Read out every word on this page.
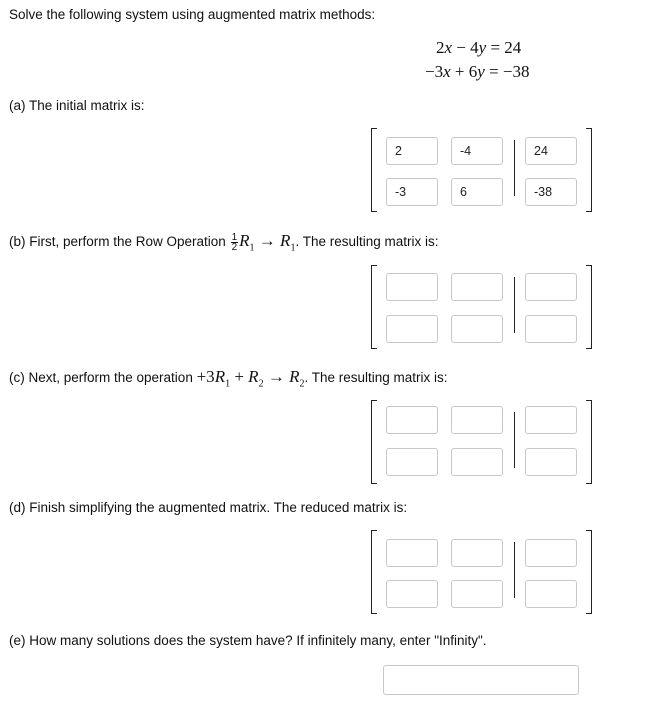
Solve the following system using augmented matrix methods:
2x − 4y = 24
−3x + 6y = −38
(a) The initial matrix is:
2
-4
24
-3
6
-38
(b) First, perform the Row Operation $\frac{1}{2} R_1 \to R_1$. The resulting matrix is:
(c) Next, perform the operation $+3R_1 + R_2 \to R_2$. The resulting matrix is:
(d) Finish simplifying the augmented matrix. The reduced matrix is:
(e) How many solutions does the system have? If infinitely many, enter "Infinity".
